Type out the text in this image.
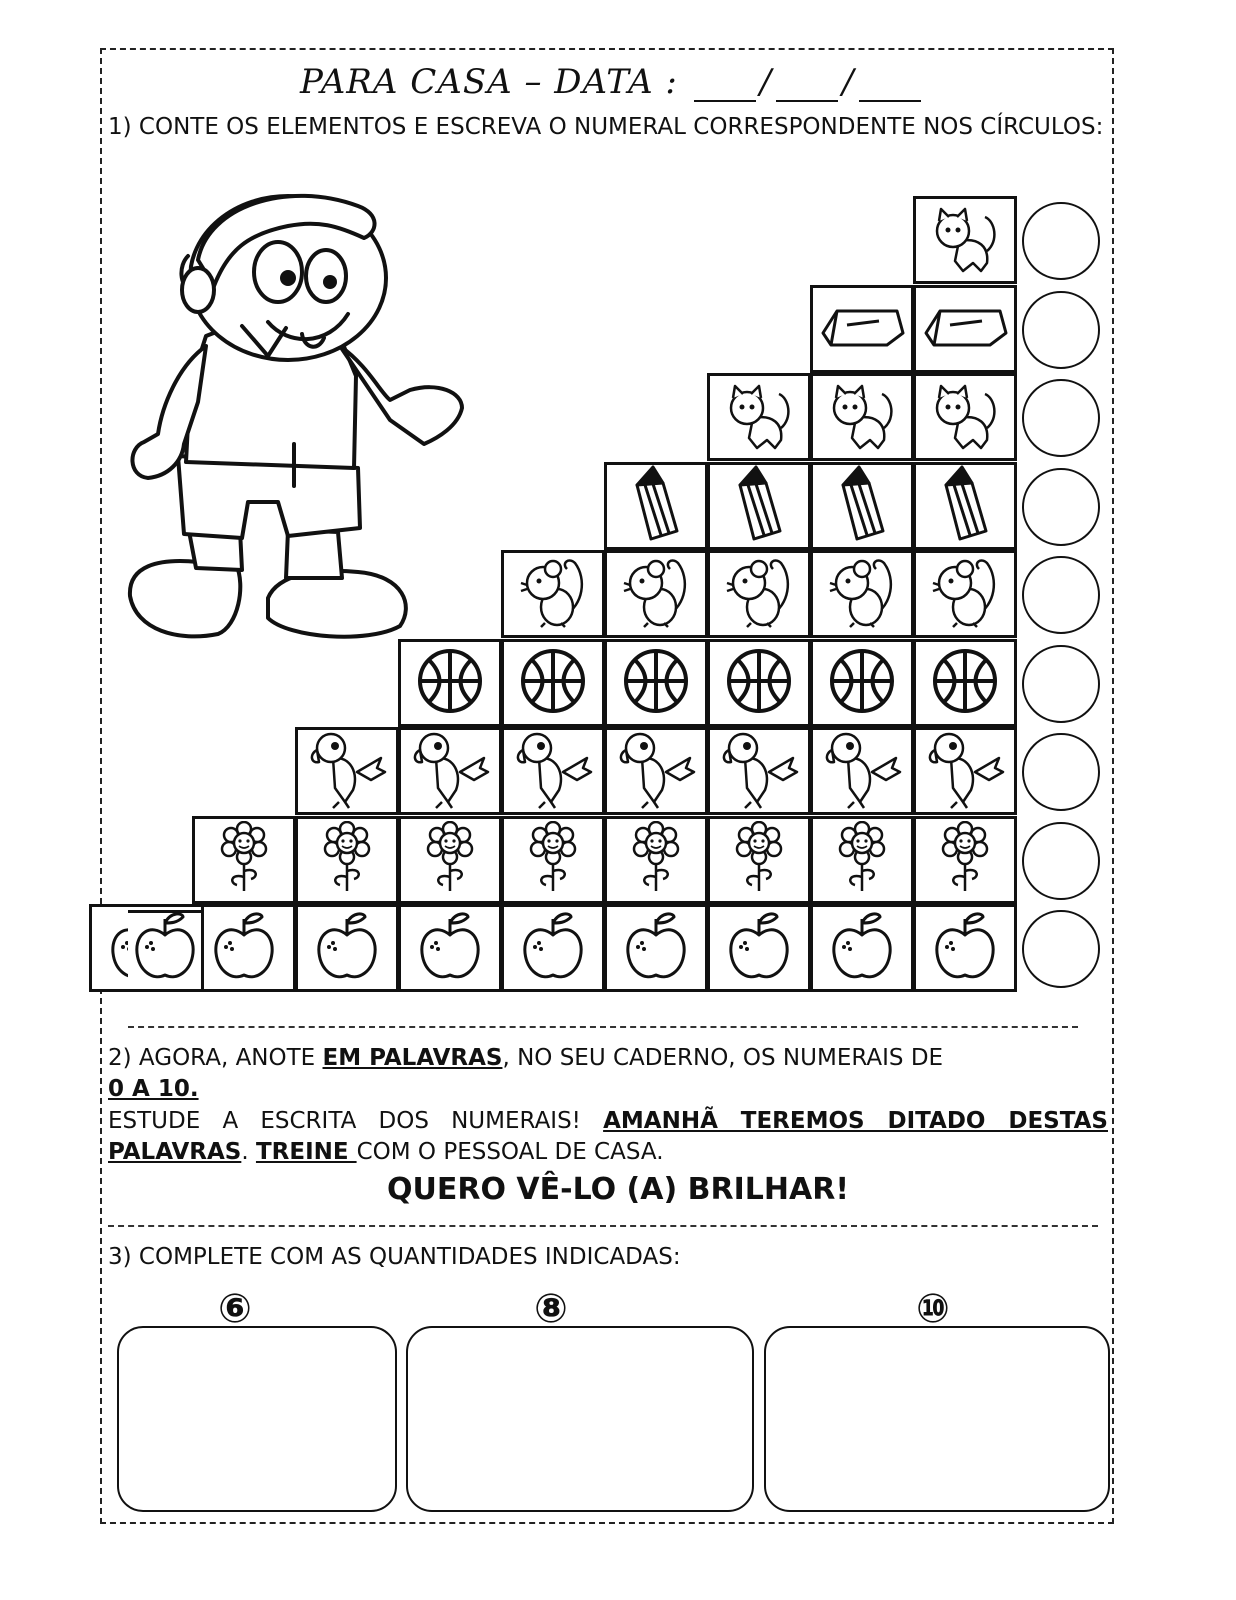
PARA CASA – DATA : / /
1) CONTE OS ELEMENTOS E ESCREVA O NUMERAL CORRESPONDENTE NOS CÍRCULOS:
2) AGORA, ANOTE EM PALAVRAS, NO SEU CADERNO, OS NUMERAIS DE
0 A 10.
ESTUDE A ESCRITA DOS NUMERAIS! AMANHÃ TEREMOS DITADO DESTAS PALAVRAS. TREINE COM O PESSOAL DE CASA.
QUERO VÊ-LO (A) BRILHAR!
3) COMPLETE COM AS QUANTIDADES INDICADAS:
⑥	⑧	⑩
